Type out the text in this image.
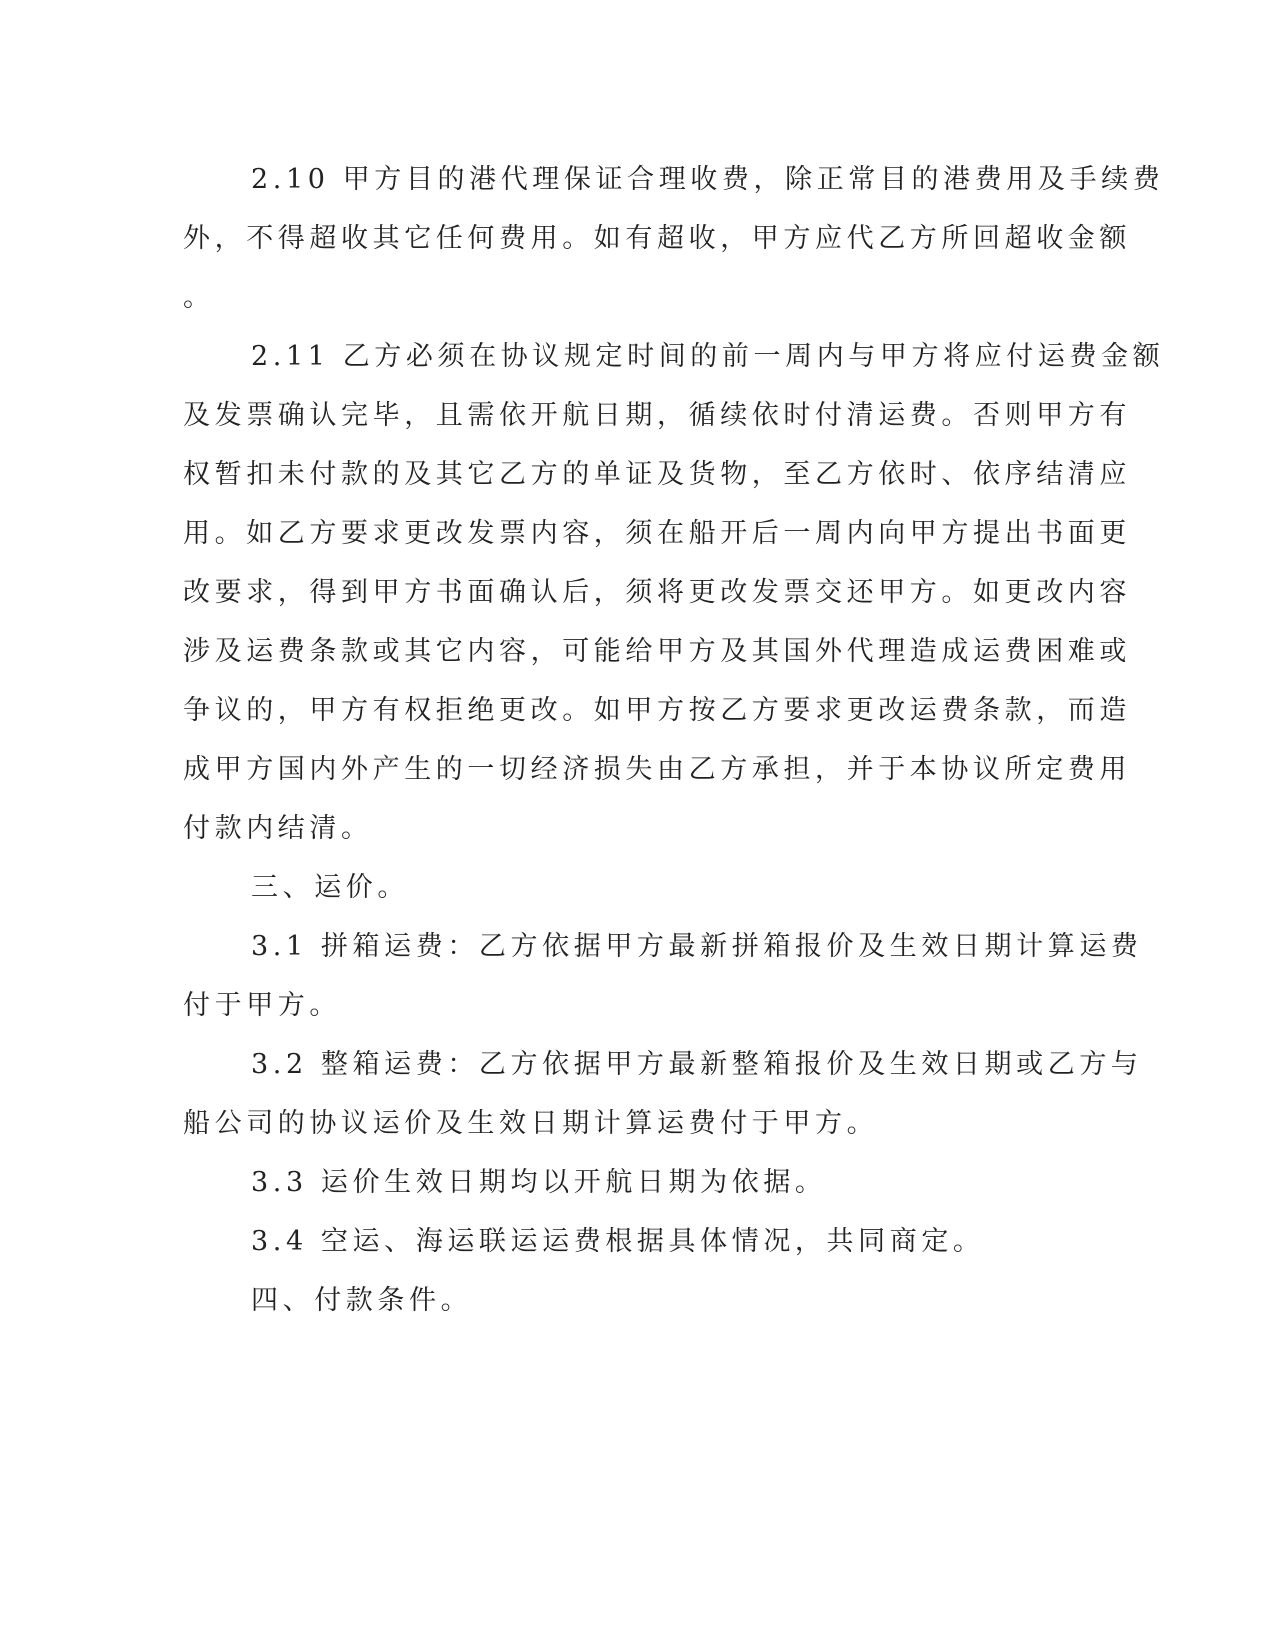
2.10 甲方目的港代理保证合理收费，除正常目的港费用及手续费
外，不得超收其它任何费用。如有超收，甲方应代乙方所回超收金额
。
2.11 乙方必须在协议规定时间的前一周内与甲方将应付运费金额
及发票确认完毕，且需依开航日期，循续依时付清运费。否则甲方有
权暂扣未付款的及其它乙方的单证及货物，至乙方依时、依序结清应
用。如乙方要求更改发票内容，须在船开后一周内向甲方提出书面更
改要求，得到甲方书面确认后，须将更改发票交还甲方。如更改内容
涉及运费条款或其它内容，可能给甲方及其国外代理造成运费困难或
争议的，甲方有权拒绝更改。如甲方按乙方要求更改运费条款，而造
成甲方国内外产生的一切经济损失由乙方承担，并于本协议所定费用
付款内结清。
三、运价。
3.1 拼箱运费：乙方依据甲方最新拼箱报价及生效日期计算运费
付于甲方。
3.2 整箱运费：乙方依据甲方最新整箱报价及生效日期或乙方与
船公司的协议运价及生效日期计算运费付于甲方。
3.3 运价生效日期均以开航日期为依据。
3.4 空运、海运联运运费根据具体情况，共同商定。
四、付款条件。
